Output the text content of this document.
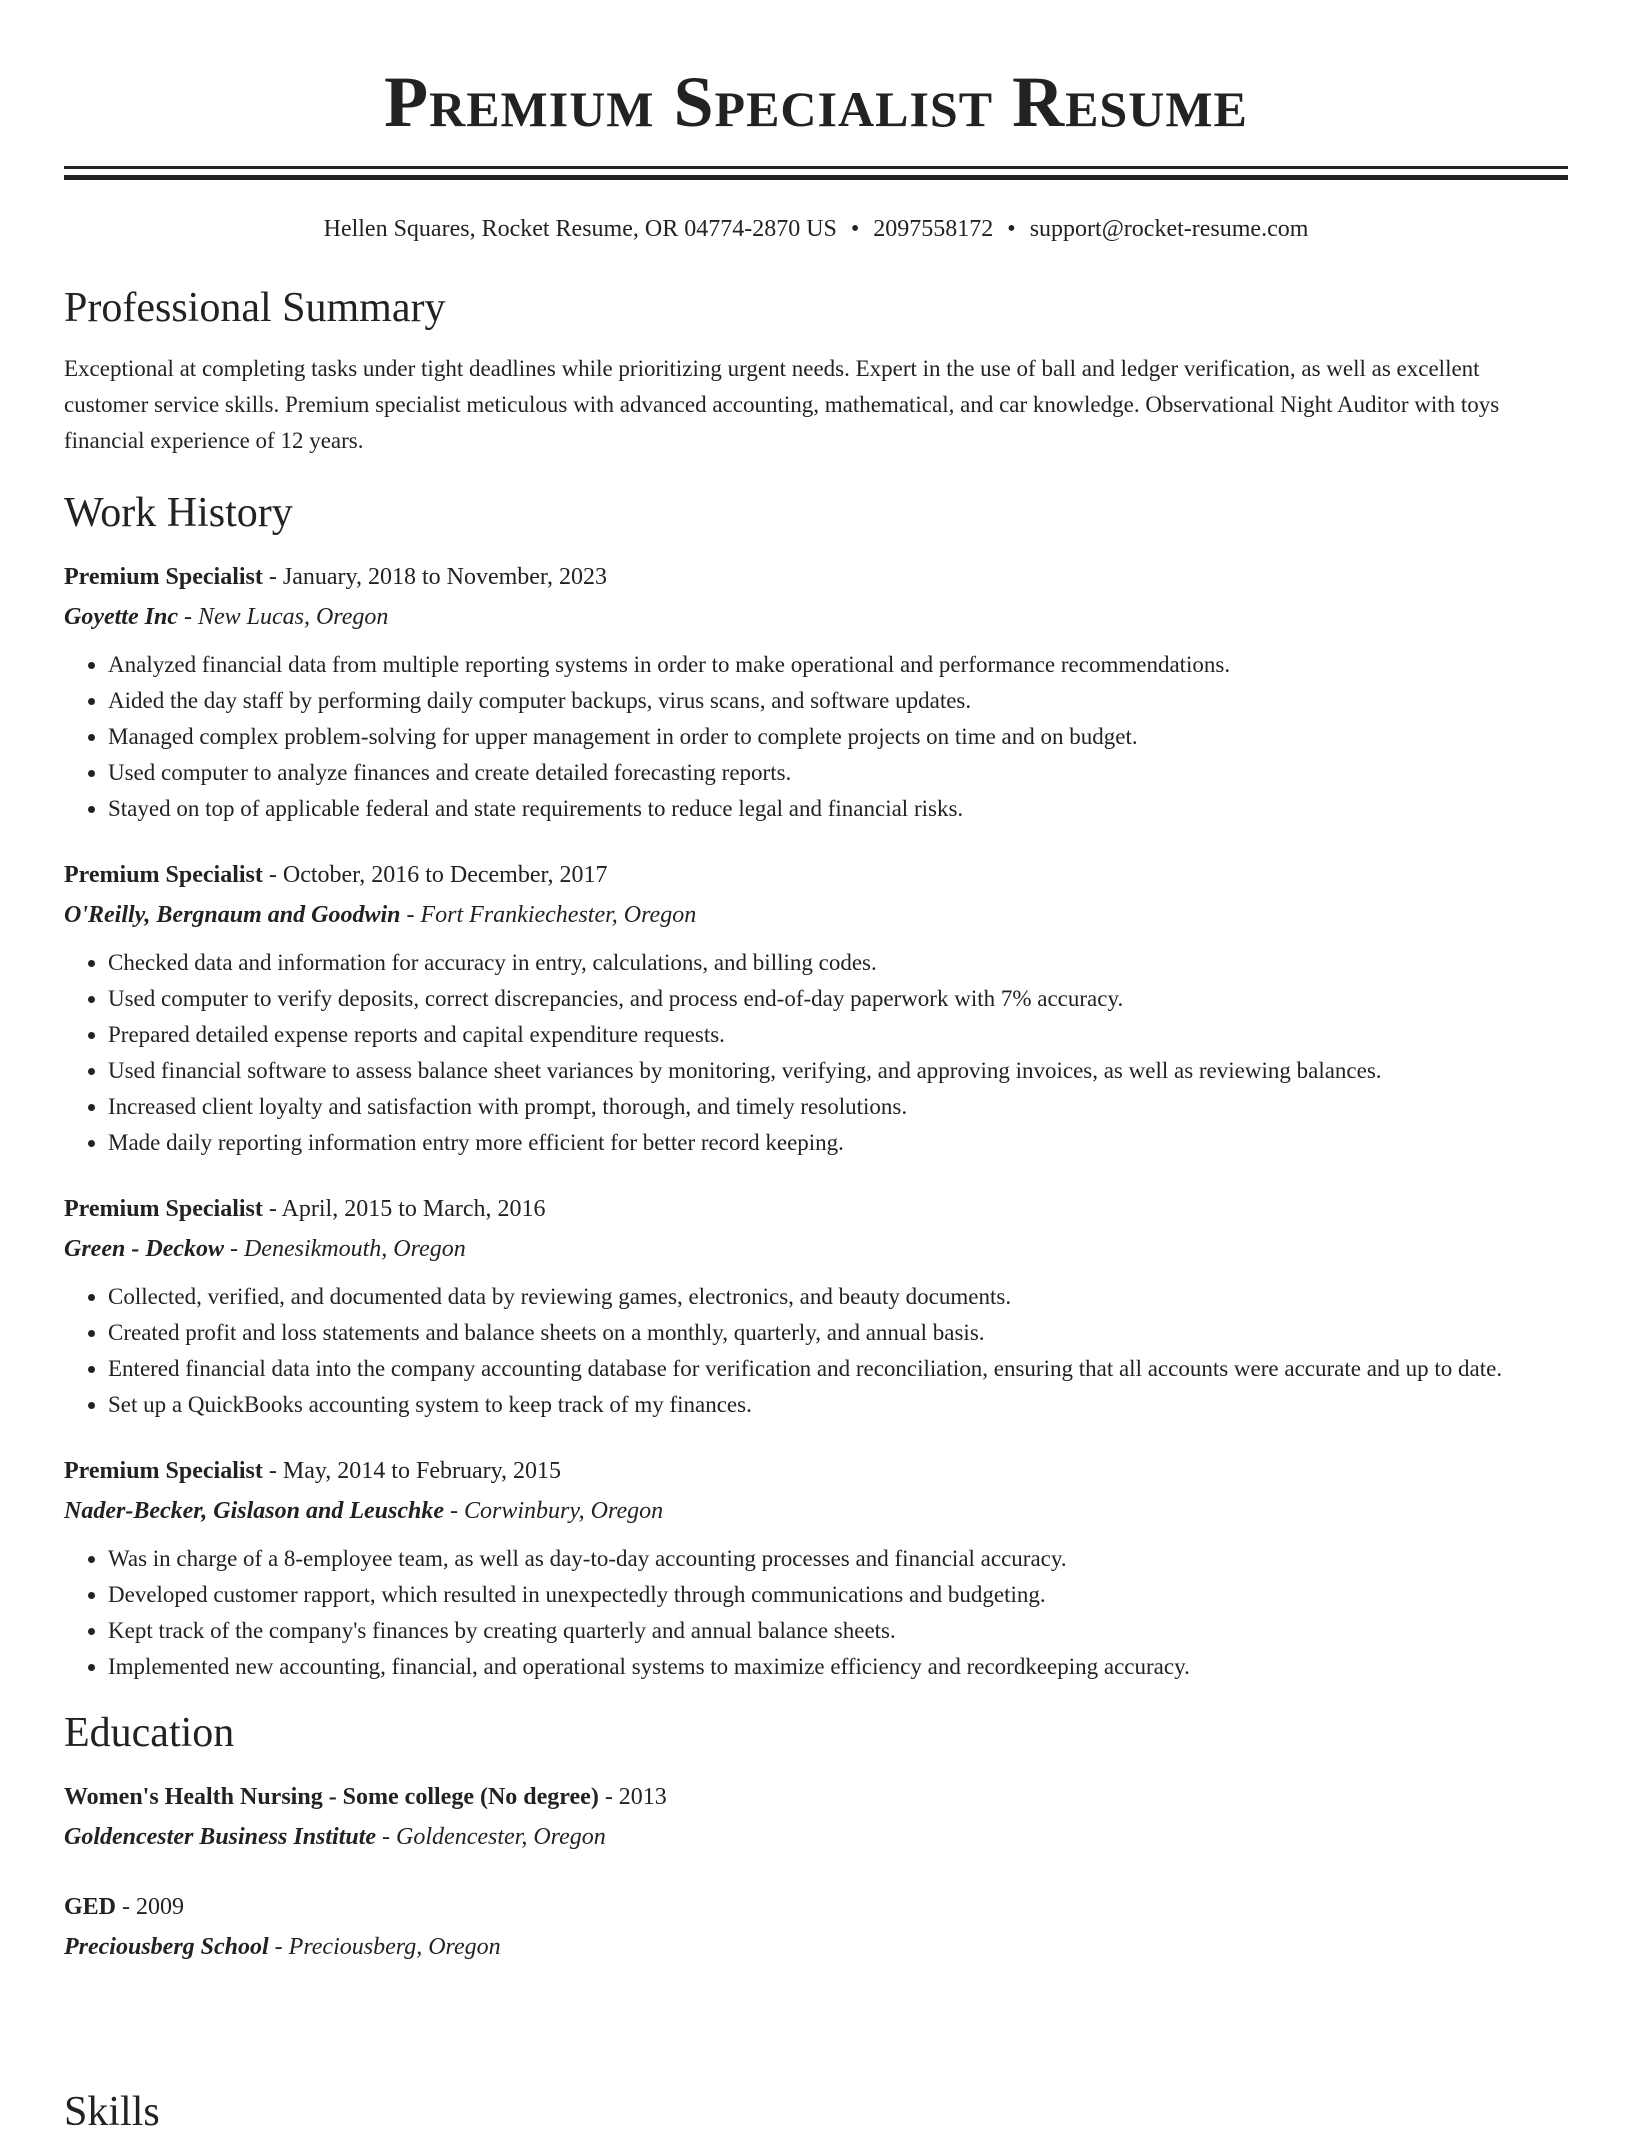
Premium Specialist Resume
Hellen Squares, Rocket Resume, OR 04774-2870 US • 2097558172 • support@rocket-resume.com
Professional Summary

Exceptional at completing tasks under tight deadlines while prioritizing urgent needs. Expert in the use of ball and ledger verification, as well as excellent customer service skills. Premium specialist meticulous with advanced accounting, mathematical, and car knowledge. Observational Night Auditor with toys financial experience of 12 years.

Work History
Premium Specialist - January, 2018 to November, 2023
Goyette Inc - New Lucas, Oregon
• Analyzed financial data from multiple reporting systems in order to make operational and performance recommendations.
• Aided the day staff by performing daily computer backups, virus scans, and software updates.
• Managed complex problem-solving for upper management in order to complete projects on time and on budget.
• Used computer to analyze finances and create detailed forecasting reports.
• Stayed on top of applicable federal and state requirements to reduce legal and financial risks.
Premium Specialist - October, 2016 to December, 2017
O'Reilly, Bergnaum and Goodwin - Fort Frankiechester, Oregon
• Checked data and information for accuracy in entry, calculations, and billing codes.
• Used computer to verify deposits, correct discrepancies, and process end-of-day paperwork with 7% accuracy.
• Prepared detailed expense reports and capital expenditure requests.
• Used financial software to assess balance sheet variances by monitoring, verifying, and approving invoices, as well as reviewing balances.
• Increased client loyalty and satisfaction with prompt, thorough, and timely resolutions.
• Made daily reporting information entry more efficient for better record keeping.
Premium Specialist - April, 2015 to March, 2016
Green - Deckow - Denesikmouth, Oregon
• Collected, verified, and documented data by reviewing games, electronics, and beauty documents.
• Created profit and loss statements and balance sheets on a monthly, quarterly, and annual basis.
• Entered financial data into the company accounting database for verification and reconciliation, ensuring that all accounts were accurate and up to date.
• Set up a QuickBooks accounting system to keep track of my finances.
Premium Specialist - May, 2014 to February, 2015
Nader-Becker, Gislason and Leuschke - Corwinbury, Oregon
• Was in charge of a 8-employee team, as well as day-to-day accounting processes and financial accuracy.
• Developed customer rapport, which resulted in unexpectedly through communications and budgeting.
• Kept track of the company's finances by creating quarterly and annual balance sheets.
• Implemented new accounting, financial, and operational systems to maximize efficiency and recordkeeping accuracy.
Education
Women's Health Nursing - Some college (No degree) - 2013
Goldencester Business Institute - Goldencester, Oregon
GED - 2009
Preciousberg School - Preciousberg, Oregon
Skills
